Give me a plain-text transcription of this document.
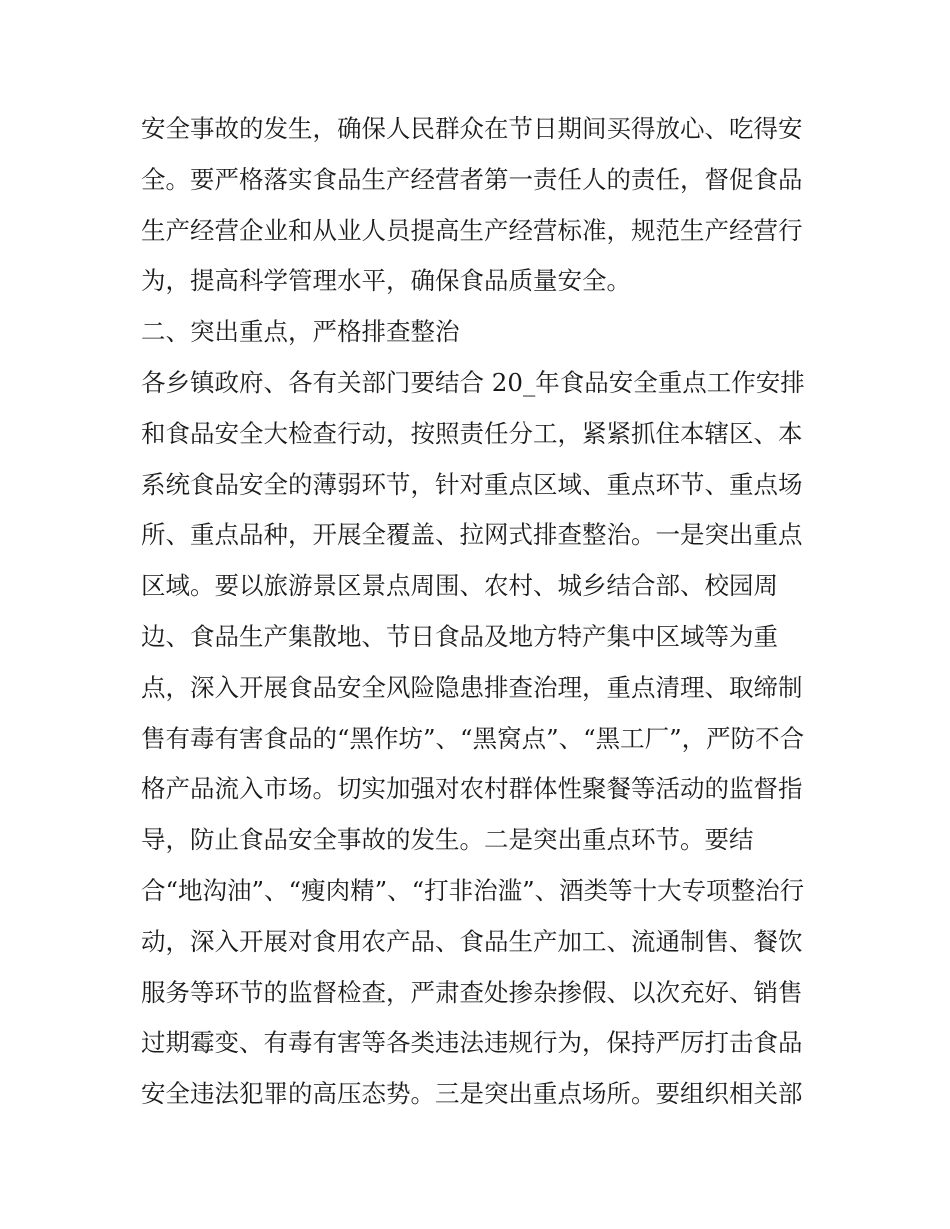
安全事故的发生，确保人民群众在节日期间买得放心、吃得安
全。要严格落实食品生产经营者第一责任人的责任，督促食品
生产经营企业和从业人员提高生产经营标准，规范生产经营行
为，提高科学管理水平，确保食品质量安全。
二、突出重点，严格排查整治
各乡镇政府、各有关部门要结合 20_年食品安全重点工作安排
和食品安全大检查行动，按照责任分工，紧紧抓住本辖区、本
系统食品安全的薄弱环节，针对重点区域、重点环节、重点场
所、重点品种，开展全覆盖、拉网式排查整治。一是突出重点
区域。要以旅游景区景点周围、农村、城乡结合部、校园周
边、食品生产集散地、节日食品及地方特产集中区域等为重
点，深入开展食品安全风险隐患排查治理，重点清理、取缔制
售有毒有害食品的“黑作坊”、“黑窝点”、“黑工厂”，严防不合
格产品流入市场。切实加强对农村群体性聚餐等活动的监督指
导，防止食品安全事故的发生。二是突出重点环节。要结
合“地沟油”、“瘦肉精”、“打非治滥”、酒类等十大专项整治行
动，深入开展对食用农产品、食品生产加工、流通制售、餐饮
服务等环节的监督检查，严肃查处掺杂掺假、以次充好、销售
过期霉变、有毒有害等各类违法违规行为，保持严厉打击食品
安全违法犯罪的高压态势。三是突出重点场所。要组织相关部
